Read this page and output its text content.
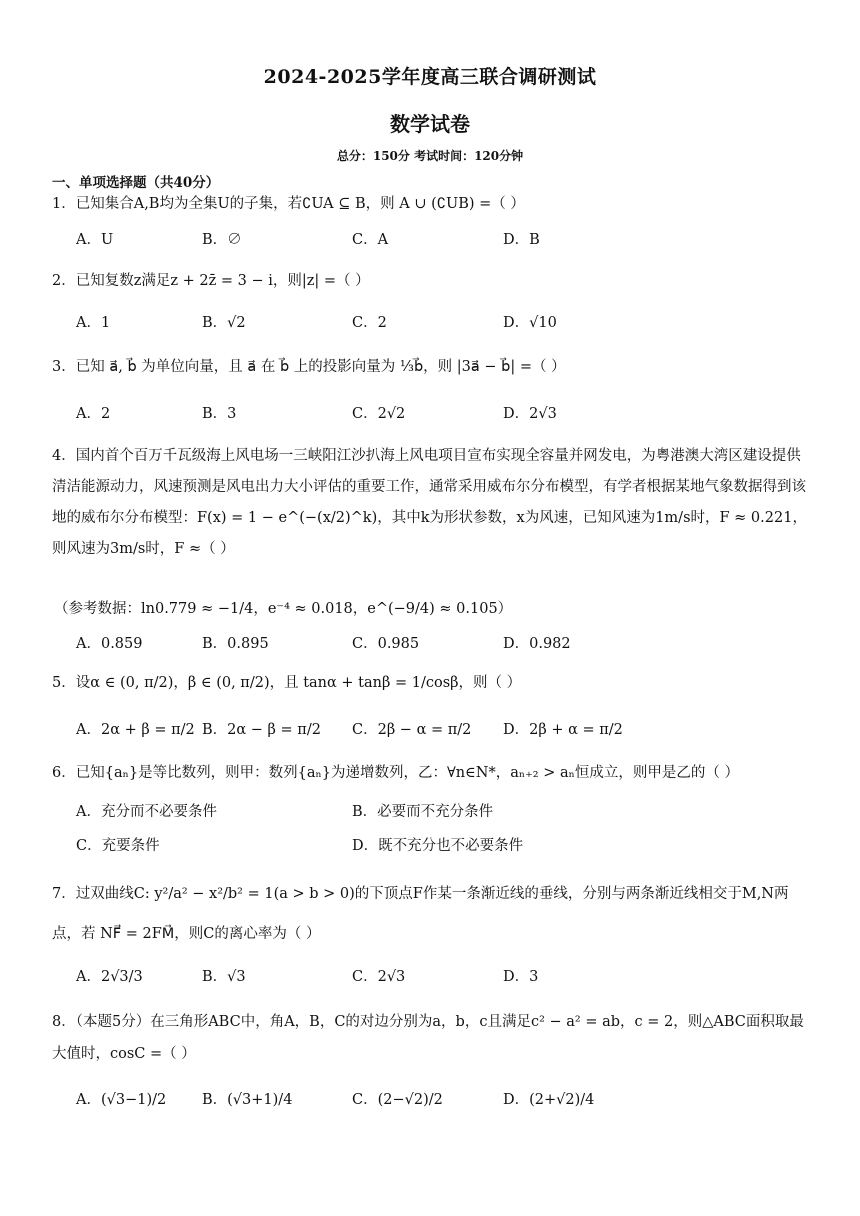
2024-2025学年度高三联合调研测试
数学试卷
总分：150分 考试时间：120分钟
一、单项选择题（共40分）
1．已知集合A,B均为全集U的子集，若∁UA ⊆ B，则 A ∪ (∁UB) =（ ）
A．U	B．∅	C．A	D．B
2．已知复数z满足z + 2z̄ = 3 − i，则|z| =（ ）
A．1	B．√2	C．2	D．√10
3．已知 a⃗, b⃗ 为单位向量，且 a⃗ 在 b⃗ 上的投影向量为 ⅓b⃗，则 |3a⃗ − b⃗| =（ ）
A．2	B．3	C．2√2	D．2√3
4．国内首个百万千瓦级海上风电场一三峡阳江沙扒海上风电项目宣布实现全容量并网发电，为粤港澳大湾区建设提供清洁能源动力，风速预测是风电出力大小评估的重要工作，通常采用威布尔分布模型，有学者根据某地气象数据得到该地的威布尔分布模型：F(x) = 1 − e^(−(x/2)^k)，其中k为形状参数，x为风速，已知风速为1m/s时，F ≈ 0.221，则风速为3m/s时，F ≈（ ）
（参考数据：ln0.779 ≈ −1/4，e⁻⁴ ≈ 0.018，e^(−9/4) ≈ 0.105）
A．0.859	B．0.895	C．0.985	D．0.982
5．设α ∈ (0, π/2)，β ∈ (0, π/2)，且 tanα + tanβ = 1/cosβ，则（ ）
A．2α + β = π/2 B．2α − β = π/2 C．2β − α = π/2 D．2β + α = π/2
6．已知{aₙ}是等比数列，则甲：数列{aₙ}为递增数列，乙：∀n∈N*，aₙ₊₂ > aₙ恒成立，则甲是乙的（ ）
A．充分而不必要条件	B．必要而不充分条件
C．充要条件	D．既不充分也不必要条件
7．过双曲线C: y²/a² − x²/b² = 1(a > b > 0)的下顶点F作某一条渐近线的垂线，分别与两条渐近线相交于M,N两点，若 NF⃗ = 2FM⃗，则C的离心率为（ ）
A．2√3/3	B．√3	C．2√3	D．3
8．（本题5分）在三角形ABC中，角A，B，C的对边分别为a，b，c且满足c² − a² = ab，c = 2，则△ABC面积取最大值时，cosC =（ ）
A．(√3−1)/2 B．(√3+1)/4	C．(2−√2)/2	D．(2+√2)/4
